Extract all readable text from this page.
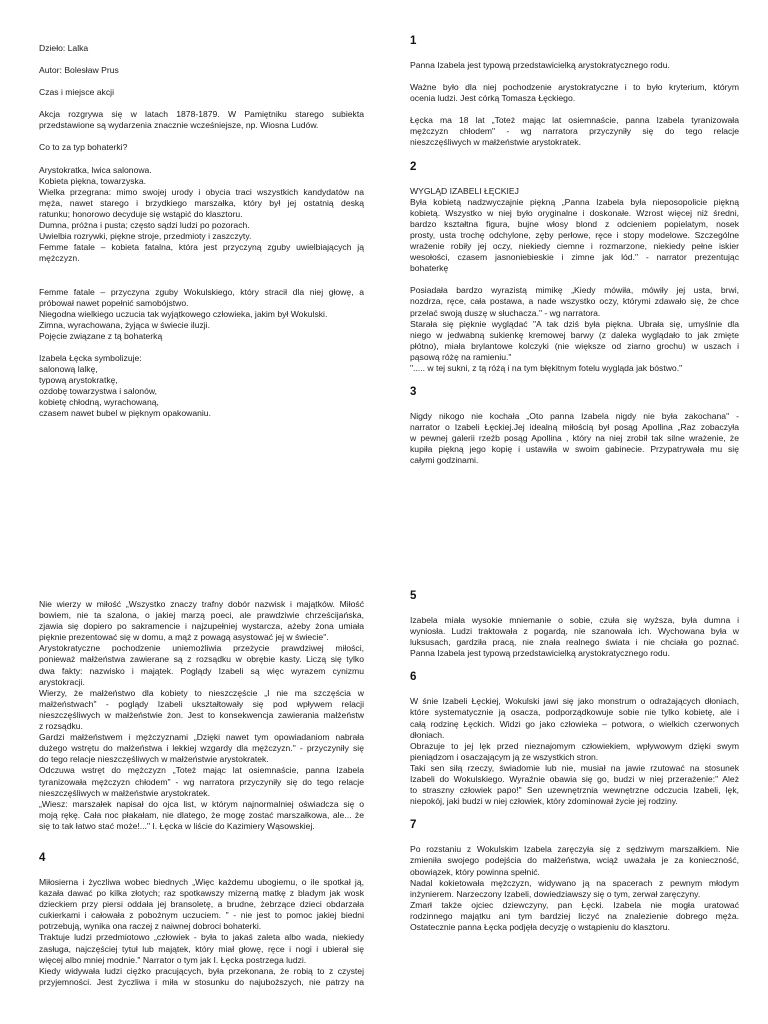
Dzieło: Lalka
Autor: Bolesław Prus
Czas i miejsce akcji
Akcja  rozgrywa  się  w  latach  1878-1879.  W  Pamiętniku  starego  subiekta
przedstawione są wydarzenia znacznie wcześniejsze, np. Wiosna Ludów.
Co to za typ bohaterki?
Arystokratka, lwica salonowa.
Kobieta piękna, towarzyska.
Wielka przegrana: mimo swojej urody i obycia traci wszystkich kandydatów na
męża, nawet starego i brzydkiego marszałka, który był jej ostatnią deską
ratunku; honorowo decyduje się wstąpić do klasztoru.
Dumna, próżna i pusta; często sądzi ludzi po pozorach.
Uwielbia rozrywki, piękne stroje, przedmioty i zaszczyty.
Femme fatale – kobieta fatalna, która jest przyczyną zguby uwielbiających ją
mężczyzn.

Femme fatale – przyczyna zguby Wokulskiego, który stracił dla niej głowę, a
próbował nawet popełnić samobójstwo.
Niegodna wielkiego uczucia tak wyjątkowego człowieka, jakim był Wokulski.
Zimna, wyrachowana, żyjąca w świecie iluzji.
Pojęcie związane z tą bohaterką
Izabela Łęcka symbolizuje:
salonową lalkę,
typową arystokratkę,
ozdobę towarzystwa i salonów,
kobietę chłodną, wyrachowaną,
czasem nawet bubel w pięknym opakowaniu.
1
Panna Izabela jest typową przedstawicielką arystokratycznego rodu.
Ważne było dla niej pochodzenie arystokratyczne i to było kryterium, którym
ocenia ludzi. Jest córką Tomasza Łęckiego.
Łęcka  ma  18  lat  „Toteż  mając  lat  osiemnaście,  panna  Izabela  tyranizowała
mężczyzn  chłodem"  -  wg  narratora  przyczyniły  się  do  tego  relacje
nieszczęśliwych w małżeństwie arystokratek.
2
WYGLĄD IZABELI ŁĘCKIEJ
Była kobietą nadzwyczajnie piękną „Panna Izabela była nieposopolicie piękną
kobietą. Wszystko w niej było oryginalne i doskonałe. Wzrost więcej niż średni,
bardzo kształtna figura, bujne włosy blond z odcieniem popielatym, nosek
prosty, usta trochę odchylone, zęby perłowe, ręce i stopy modelowe. Szczególne
wrażenie robiły jej oczy, niekiedy ciemne i rozmarzone, niekiedy pełne iskier
wesołości, czasem jasnoniebieskie i zimne jak lód." - narrator prezentując
bohaterkę
Posiadała bardzo wyrazistą mimikę „Kiedy mówiła, mówiły jej usta, brwi,
nozdrza, ręce, cała postawa, a nade wszystko oczy, którymi zdawało się, że chce
przelać swoją duszę w słuchacza." - wg narratora.
Starała się pięknie wyglądać "A tak dziś była piękna. Ubrała się, umyślnie dla
niego w jedwabną sukienkę kremowej barwy (z daleka wyglądało to jak zmięte
płótno), miała brylantowe kolczyki (nie większe od ziarno grochu) w uszach i
pąsową różę na ramieniu."
"..... w tej sukni, z tą różą i na tym błękitnym fotelu wygląda jak bóstwo."
3
Nigdy nikogo nie kochała „Oto panna Izabela nigdy nie była zakochana" -
narrator o Izabeli Łęckiej.Jej idealną miłością był posąg Apollina „Raz zobaczyła
w pewnej galerii rzeźb posąg Apollina , który na niej zrobił tak silne wrażenie, że
kupiła piękną jego kopię i ustawiła w swoim gabinecie. Przypatrywała mu się
całymi godzinami.
Nie wierzy w miłość „Wszystko znaczy trafny dobór nazwisk i majątków. Miłość
bowiem, nie ta szalona, o jakiej marzą poeci, ale prawdziwie chrześcijańska,
zjawia się dopiero po sakramencie i najzupełniej wystarcza, ażeby żona umiała
pięknie prezentować się w domu, a mąż z powagą asystować jej w świecie".
Arystokratyczne pochodzenie uniemożliwia przeżycie prawdziwej miłości,
ponieważ małżeństwa zawierane są z rozsądku w obrębie kasty. Liczą się tylko
dwa fakty: nazwisko i majątek. Poglądy Izabeli są więc wyrazem cynizmu
arystokracji.
Wierzy, że małżeństwo dla kobiety to nieszczęście „I nie ma szczęścia w
małżeństwach" - poglądy Izabeli ukształtowały się pod wpływem relacji
nieszczęśliwych w małżeństwie żon. Jest to konsekwencja zawierania małżeństw
z rozsądku.
Gardzi małżeństwem i mężczyznami „Dzięki nawet tym opowiadaniom nabrała
dużego wstrętu do małżeństwa i lekkiej wzgardy dla mężczyzn." - przyczyniły się
do tego relacje nieszczęśliwych w małżeństwie arystokratek.
Odczuwa wstręt do mężczyzn „Toteż mając lat osiemnaście, panna Izabela
tyranizowała mężczyzn chłodem" - wg narratora przyczyniły się do tego relacje
nieszczęśliwych w małżeństwie arystokratek.
„Wiesz: marszałek napisał do ojca list, w którym najnormalniej oświadcza się o
moją rękę. Cała noc płakałam, nie dlatego, że mogę zostać marszałkowa, ale... że
się to tak łatwo stać może!..." I. Łęcka w liście do Kazimiery Wąsowskiej.
4
Miłosierna i życzliwa wobec biednych „Więc każdemu ubogiemu, o ile spotkał ją,
kazała dawać po kilka złotych; raz spotkawszy mizerną matkę z bladym jak wosk
dzieckiem przy piersi oddała jej bransoletę, a brudne, żebrzące dzieci obdarzała
cukierkami i całowała z pobożnym uczuciem. " - nie jest to pomoc jakiej biedni
potrzebują, wynika ona raczej z naiwnej dobroci bohaterki.
Traktuje ludzi przedmiotowo „człowiek - była to jakaś zaleta albo wada, niekiedy
zasługa, najczęściej tytuł lub majątek, który miał głowę, ręce i nogi i ubierał się
więcej albo mniej modnie." Narrator o tym jak I. Łęcka postrzega ludzi.
Kiedy widywała ludzi ciężko pracujących, była przekonana, że robią to z czystej
przyjemności. Jest życzliwa i miła w stosunku do najuboższych, nie patrzy na
5
Izabela miała wysokie mniemanie o sobie, czuła się wyższa, była dumna i
wyniosła. Ludzi traktowała z pogardą, nie szanowała ich. Wychowana była w
luksusach, gardziła pracą, nie znała realnego świata i nie chciała go poznać.
Panna Izabela jest typową przedstawicielką arystokratycznego rodu.
6
W śnie Izabeli Łęckiej, Wokulski jawi się jako monstrum o odrażających dłoniach,
które systematycznie ją osacza, podporządkowuje sobie nie tylko kobietę, ale i
całą rodzinę Łęckich. Widzi go jako człowieka – potwora, o wielkich czerwonych
dłoniach.
Obrazuje to jej lęk przed nieznajomym człowiekiem, wpływowym dzięki swym
pieniądzom i osaczającym ją ze wszystkich stron.
Taki sen siłą rzeczy, świadomie lub nie, musiał na jawie rzutować na stosunek
Izabeli do Wokulskiego. Wyraźnie obawia się go, budzi w niej przerażenie:" Ależ
to straszny człowiek papo!" Sen uzewnętrznia wewnętrzne odczucia Izabeli, lęk,
niepokój, jaki budzi w niej człowiek, który zdominował życie jej rodziny.
7
Po rozstaniu z Wokulskim Izabela zaręczyła się z sędziwym marszałkiem. Nie
zmieniła swojego podejścia do małżeństwa, wciąż uważała je za konieczność,
obowiązek, który powinna spełnić.
Nadal kokietowała mężczyzn, widywano ją na spacerach z pewnym młodym
inżynierem. Narzeczony Izabeli, dowiedziawszy się o tym, zerwał zaręczyny.
Zmarł także ojciec dziewczyny, pan Łęcki. Izabela nie mogła uratować
rodzinnego majątku ani tym bardziej liczyć na znalezienie dobrego męża.
Ostatecznie panna Łęcka podjęła decyzję o wstąpieniu do klasztoru.
